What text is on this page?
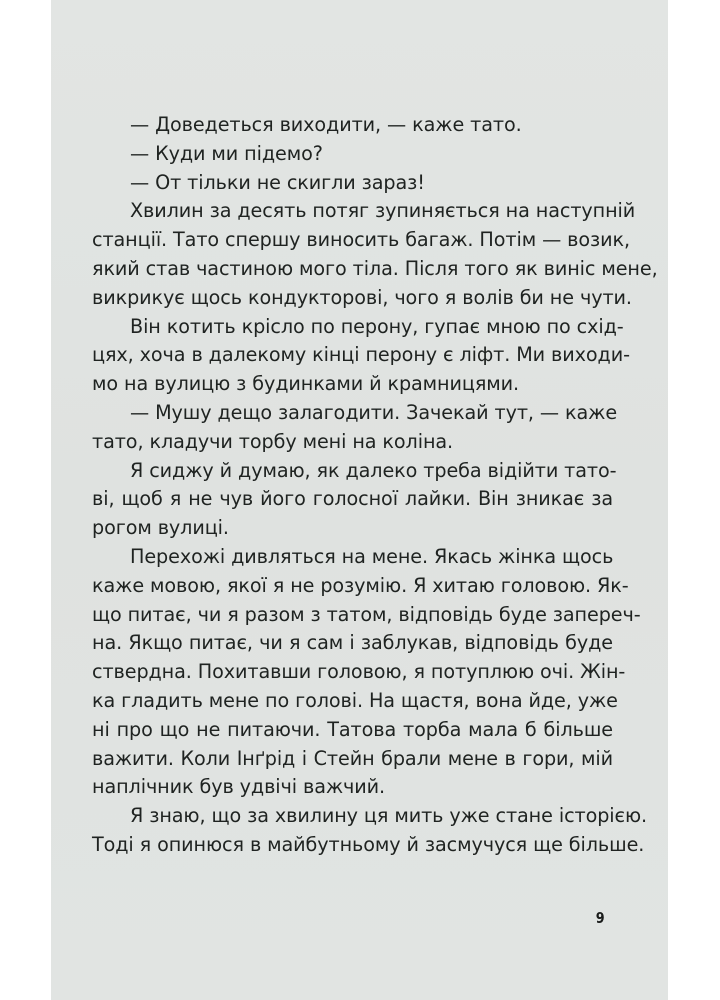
— Доведеться виходити, — каже тато.
— Куди ми підемо?
— От тільки не скигли зараз!
Хвилин за десять потяг зупиняється на наступній
станції. Тато спершу виносить багаж. Потім — возик,
який став частиною мого тіла. Після того як виніс мене,
викрикує щось кондукторові, чого я волів би не чути.
Він котить крісло по перону, гупає мною по схід-
цях, хоча в далекому кінці перону є ліфт. Ми виходи-
мо на вулицю з будинками й крамницями.
— Мушу дещо залагодити. Зачекай тут, — каже
тато, кладучи торбу мені на коліна.
Я сиджу й думаю, як далеко треба відійти тато-
ві, щоб я не чув його голосної лайки. Він зникає за
рогом вулиці.
Перехожі дивляться на мене. Якась жінка щось
каже мовою, якої я не розумію. Я хитаю головою. Як-
що питає, чи я разом з татом, відповідь буде запереч-
на. Якщо питає, чи я сам і заблукав, відповідь буде
ствердна. Похитавши головою, я потуплюю очі. Жін-
ка гладить мене по голові. На щастя, вона йде, уже
ні про що не питаючи. Татова торба мала б більше
важити. Коли Інґрід і Стейн брали мене в гори, мій
наплічник був удвічі важчий.
Я знаю, що за хвилину ця мить уже стане історією.
Тоді я опинюся в майбутньому й засмучуся ще більше.
9
